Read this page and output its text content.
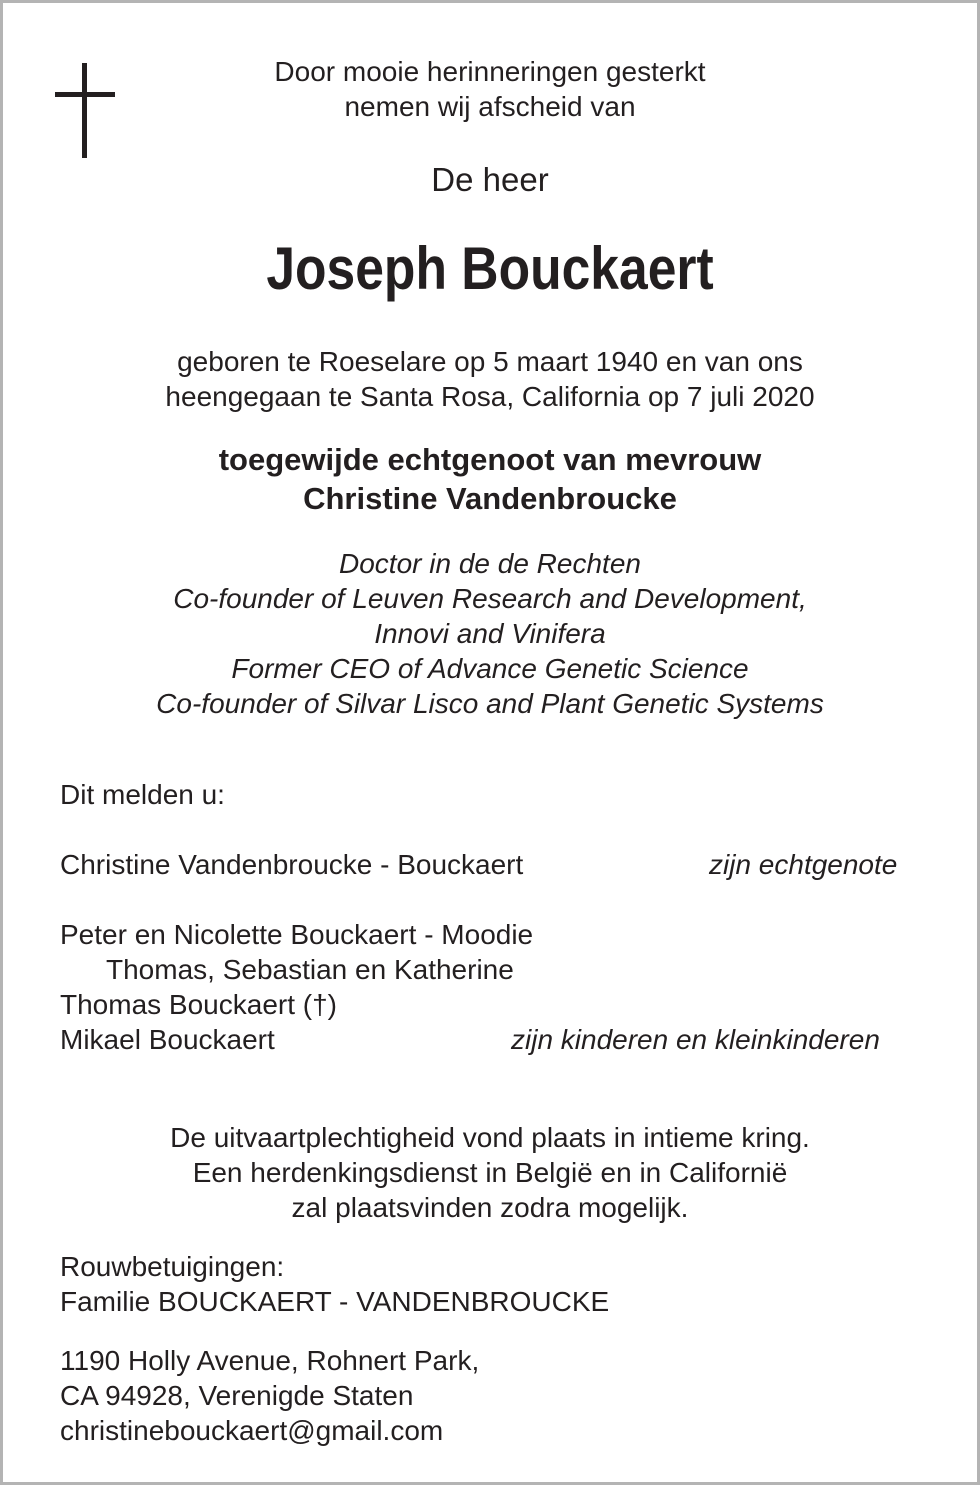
Door mooie herinneringen gesterkt
nemen wij afscheid van
De heer
Joseph Bouckaert
geboren te Roeselare op 5 maart 1940 en van ons
heengegaan te Santa Rosa, California op 7 juli 2020
toegewijde echtgenoot van mevrouw
Christine Vandenbroucke
Doctor in de de Rechten
Co-founder of Leuven Research and Development,
Innovi and Vinifera
Former CEO of Advance Genetic Science
Co-founder of Silvar Lisco and Plant Genetic Systems
Dit melden u:
Christine Vandenbroucke - Bouckaert	zijn echtgenote
Peter en Nicolette Bouckaert - Moodie
Thomas, Sebastian en Katherine
Thomas Bouckaert (†)
Mikael Bouckaert	zijn kinderen en kleinkinderen
De uitvaartplechtigheid vond plaats in intieme kring.
Een herdenkingsdienst in België en in Californië
zal plaatsvinden zodra mogelijk.
Rouwbetuigingen:
Familie BOUCKAERT - VANDENBROUCKE
1190 Holly Avenue, Rohnert Park,
CA 94928, Verenigde Staten
christinebouckaert@gmail.com
